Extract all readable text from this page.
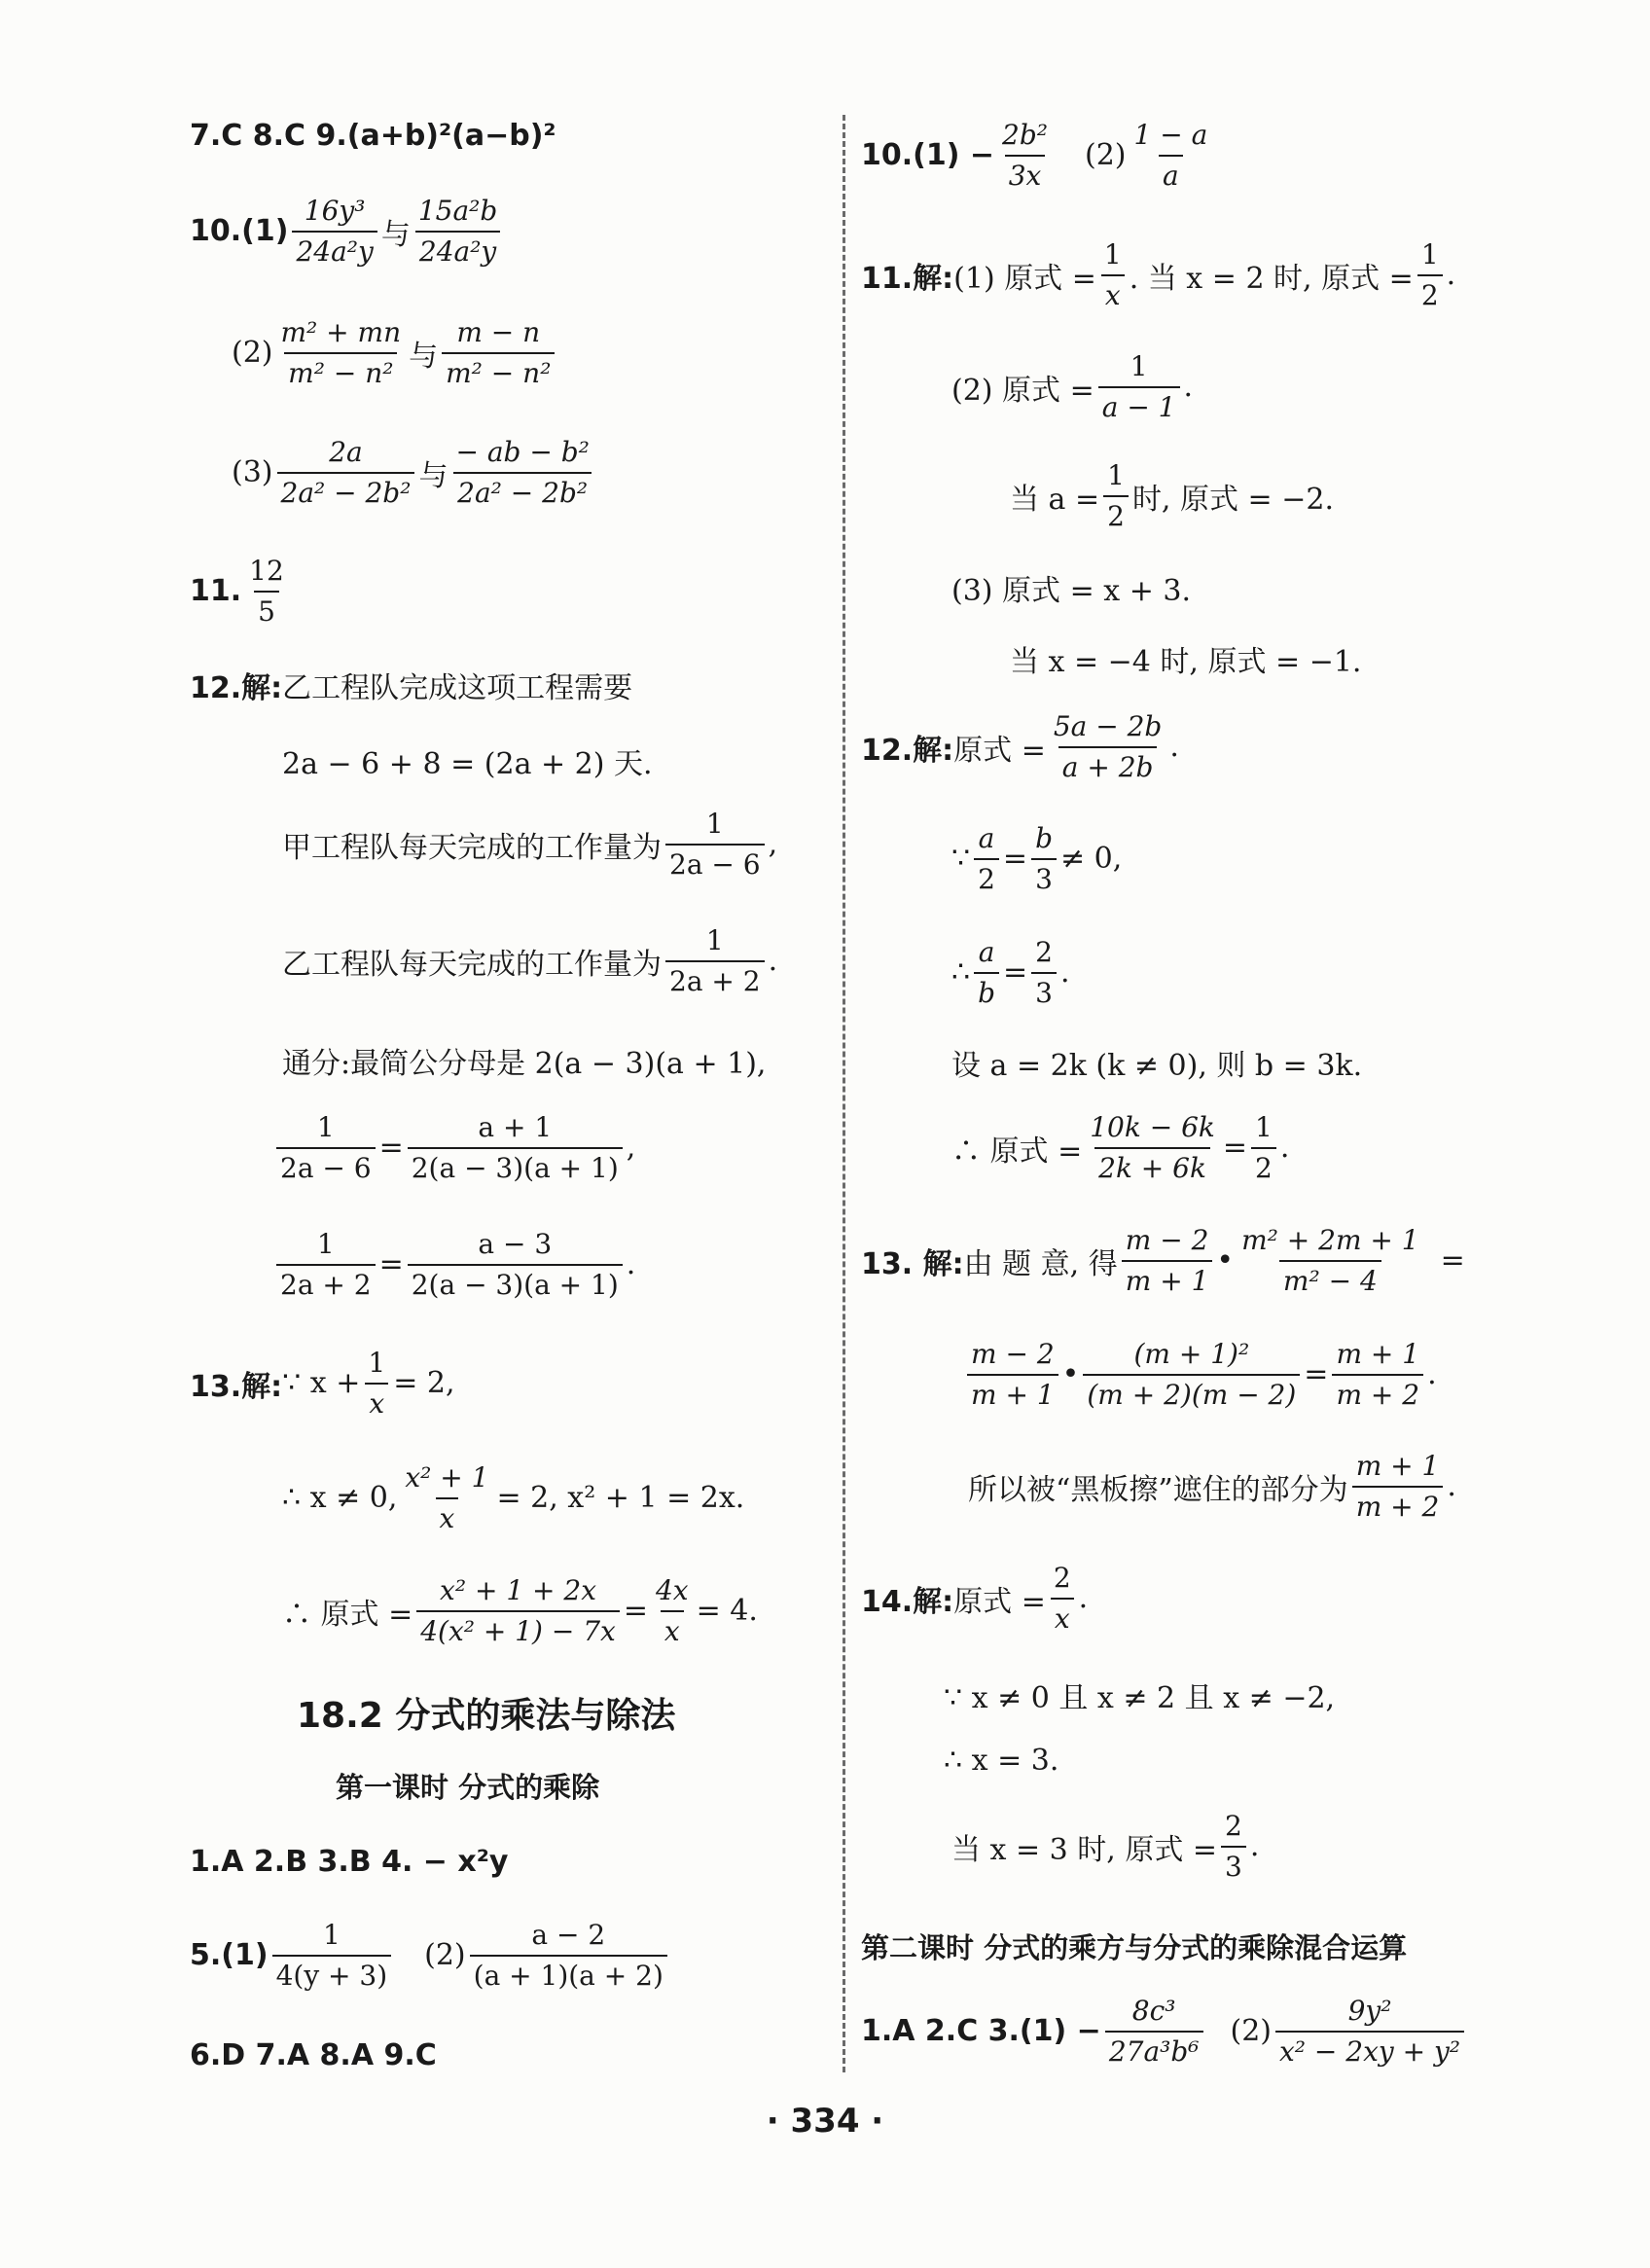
7.C 8.C 9.(a+b)²(a−b)²
$10.(1) \frac{\text{16y³}}{\text{24a²y}}$ 与 $\frac{\text{15a²b}}{\text{24a²y}}$
$(2) \frac{\text{m² + mn}}{\text{m² − n²}}$ 与 $\frac{m - n}{\text{m² − n²}}$
$(3) \frac{2a}{\text{2a² − 2b²}}$ 与 $\frac{\text{− ab − b²}}{\text{2a² − 2b²}}$
11. $\frac{12}{5}$
12.解: 乙工程队完成这项工程需要
2a − 6 + 8 = (2a + 2) 天.
甲工程队每天完成的工作量为 $\frac{1}{2a - 6}$ ,
乙工程队每天完成的工作量为 $\frac{1}{2a + 2}$ .
通分:最简公分母是 2(a − 3)(a + 1),
$\frac{1}{2a - 6} = \frac{a + 1}{2(a - 3)(a + 1)}$ ,
$\frac{1}{2a + 2} = \frac{a - 3}{2(a - 3)(a + 1)}$ .
13.解: ∵ $x + \frac{1}{x} = 2$,
∴ x ≠ 0, $\frac{\text{x² + 1}}{x} = 2$, x² + 1 = 2x.
∴ 原式 = $\frac{\text{x² + 1 + 2x}}{\text{4(x² + 1) − 7x}} = \frac{4x}{x} = 4$.
18.2 分式的乘法与除法
第一课时 分式的乘除
1.A 2.B 3.B 4. − x²y
$5.(1) \frac{1}{4(y + 3)} (2) \frac{a - 2}{(a + 1)(a + 2)}$
6.D 7.A 8.A 9.C
$10.(1) - \frac{\text{2b²}}{3x} (2) \frac{1 - a}{a}$
11.解: (1) 原式 = $\frac{1}{x}$ . 当 x = 2 时, 原式 = $\frac{1}{2}$ .
(2) 原式 = $\frac{1}{a - 1}$ .
当 $a = \frac{1}{2}$ 时, 原式 = −2.
(3) 原式 = x + 3.
当 x = −4 时, 原式 = −1.
12.解: 原式 = $\frac{5a - 2b}{a + 2b}$ .
∵ $\frac{a}{2} = \frac{b}{3} \ne 0$,
∴ $\frac{a}{b} = \frac{2}{3}$ .
设 a = 2k (k ≠ 0), 则 b = 3k.
∴ 原式 = $\frac{10k - 6k}{2k + 6k} = \frac{1}{2}$ .
13. 解: 由 题 意, 得 $\frac{m - 2}{m + 1}$ • $\frac{\text{m² + 2m + 1}}{\text{m² − 4}}$ =
$\frac{m - 2}{m + 1}$ • $\frac{\text{(m + 1)²}}{(m + 2)(m - 2)} = \frac{m + 1}{m + 2}$ .
所以被“黑板擦”遮住的部分为 $\frac{m + 1}{m + 2}$ .
14.解: 原式 = $\frac{2}{x}$ .
∵ x ≠ 0 且 x ≠ 2 且 x ≠ −2,
∴ x = 3.
当 x = 3 时, 原式 = $\frac{2}{3}$ .
第二课时 分式的乘方与分式的乘除混合运算
1.A 2.C $3.(1) - \frac{\text{8c³}}{\text{27a³b⁶}} (2) \frac{\text{9y²}}{\text{x² − 2xy + y²}}$
· 334 ·
